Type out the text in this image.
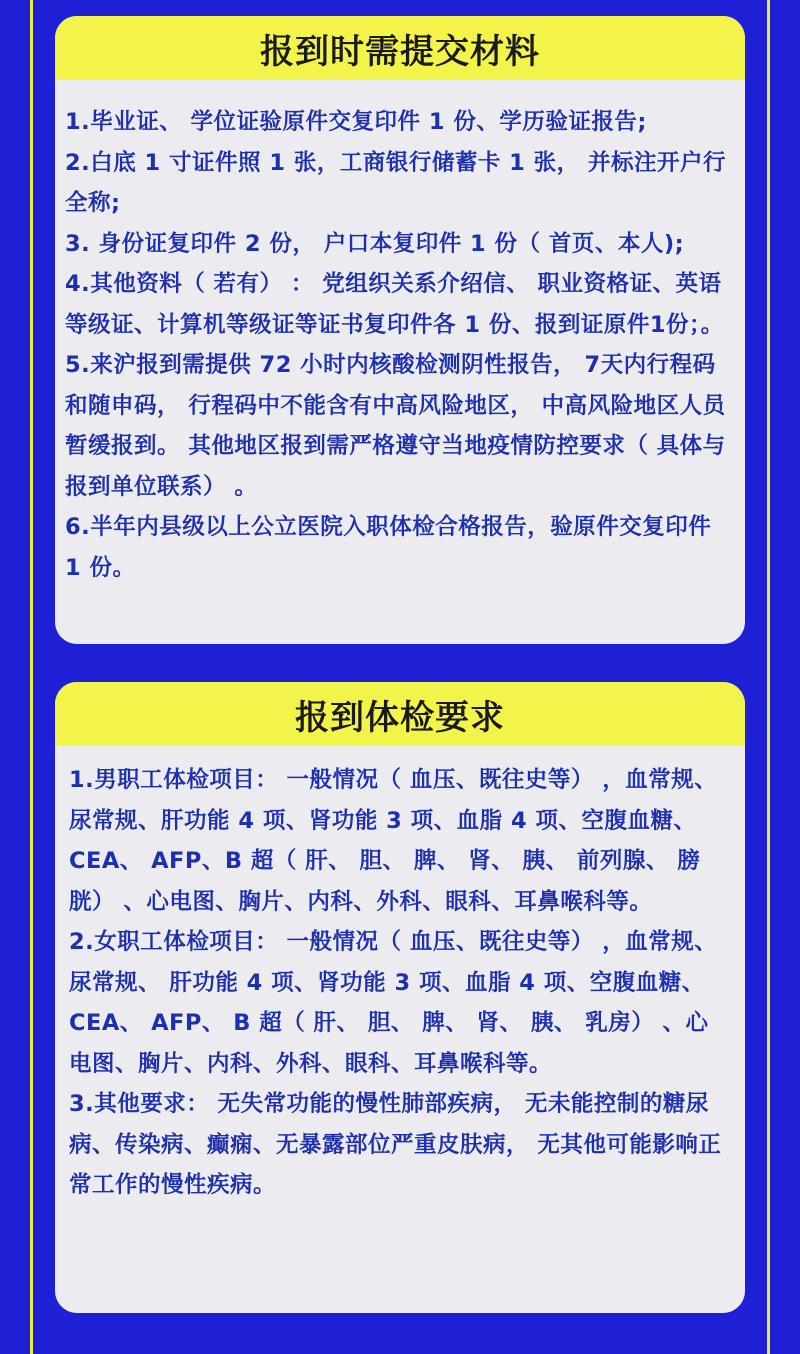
报到时需提交材料

1.毕业证、 学位证验原件交复印件 1 份、学历验证报告;

2.白底 1 寸证件照 1 张，工商银行储蓄卡 1 张， 并标注开户行全称;

3. 身份证复印件 2 份， 户口本复印件 1 份（ 首页、本人);

4.其他资料（ 若有） ： 党组织关系介绍信、 职业资格证、英语等级证、计算机等级证等证书复印件各 1 份、报到证原件1份；。

5.来沪报到需提供 72 小时内核酸检测阴性报告， 7天内行程码和随申码， 行程码中不能含有中高风险地区， 中高风险地区人员暂缓报到。 其他地区报到需严格遵守当地疫情防控要求（ 具体与报到单位联系） 。

6.半年内县级以上公立医院入职体检合格报告，验原件交复印件 1 份。

报到体检要求

1.男职工体检项目： 一般情况（ 血压、既往史等） ，血常规、尿常规、肝功能 4 项、肾功能 3 项、血脂 4 项、空腹血糖、 CEA、 AFP、B 超（ 肝、 胆、 脾、 肾、 胰、 前列腺、 膀胱） 、心电图、胸片、内科、外科、眼科、耳鼻喉科等。

2.女职工体检项目： 一般情况（ 血压、既往史等） ，血常规、尿常规、 肝功能 4 项、肾功能 3 项、血脂 4 项、空腹血糖、 CEA、 AFP、 B 超（ 肝、 胆、 脾、 肾、 胰、 乳房） 、心电图、胸片、内科、外科、眼科、耳鼻喉科等。

3.其他要求： 无失常功能的慢性肺部疾病， 无未能控制的糖尿病、传染病、癫痫、无暴露部位严重皮肤病， 无其他可能影响正常工作的慢性疾病。
